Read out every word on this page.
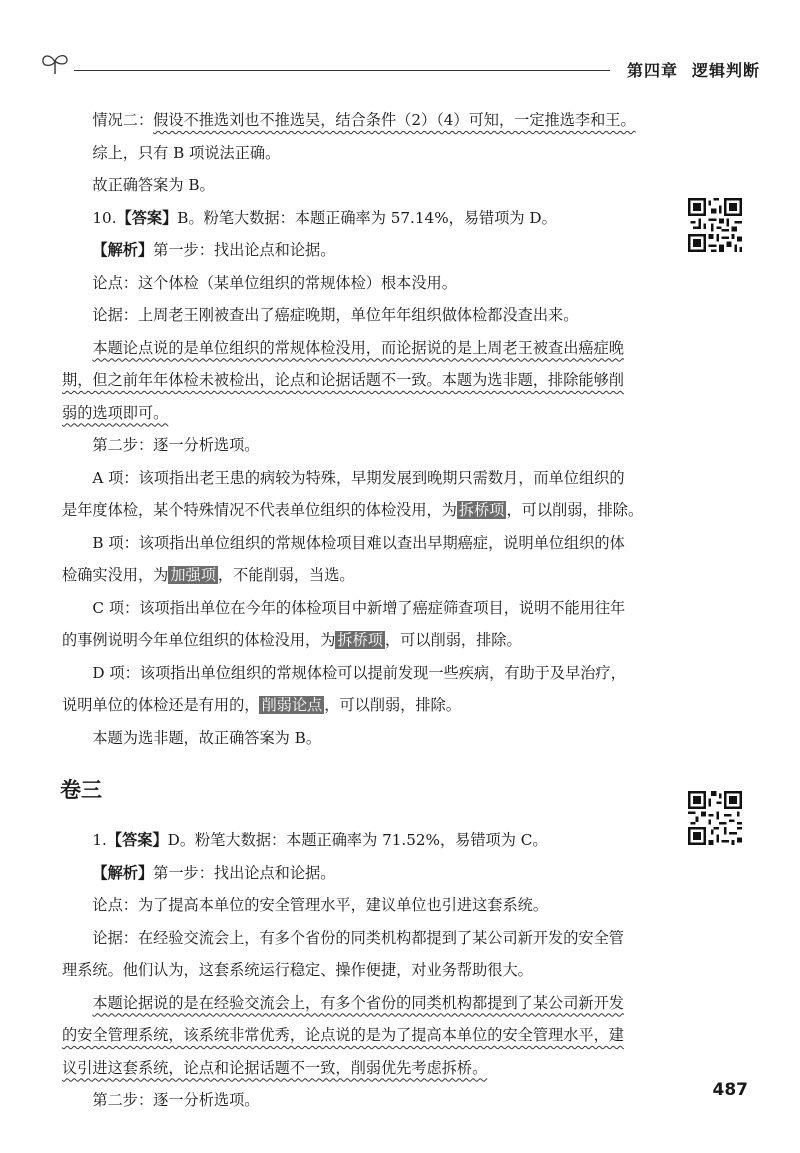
第四章 逻辑判断

情况二：假设不推选刘也不推选吴，结合条件（2）（4）可知，一定推选李和王。

综上，只有 B 项说法正确。

故正确答案为 B。

10.【答案】B。粉笔大数据：本题正确率为 57.14%，易错项为 D。

【解析】第一步：找出论点和论据。

论点：这个体检（某单位组织的常规体检）根本没用。

论据：上周老王刚被查出了癌症晚期，单位年年组织做体检都没查出来。

本题论点说的是单位组织的常规体检没用，而论据说的是上周老王被查出癌症晚

期，但之前年年体检未被检出，论点和论据话题不一致。本题为选非题，排除能够削

弱的选项即可。

第二步：逐一分析选项。

A 项：该项指出老王患的病较为特殊，早期发展到晚期只需数月，而单位组织的

是年度体检，某个特殊情况不代表单位组织的体检没用，为 拆桥项 ，可以削弱，排除。

B 项：该项指出单位组织的常规体检项目难以查出早期癌症，说明单位组织的体

检确实没用，为 加强项 ，不能削弱，当选。

C 项：该项指出单位在今年的体检项目中新增了癌症筛查项目，说明不能用往年

的事例说明今年单位组织的体检没用，为 拆桥项 ，可以削弱，排除。

D 项：该项指出单位组织的常规体检可以提前发现一些疾病，有助于及早治疗，

说明单位的体检还是有用的， 削弱论点 ，可以削弱，排除。

本题为选非题，故正确答案为 B。

卷三

1.【答案】D。粉笔大数据：本题正确率为 71.52%，易错项为 C。

【解析】第一步：找出论点和论据。

论点：为了提高本单位的安全管理水平，建议单位也引进这套系统。

论据：在经验交流会上，有多个省份的同类机构都提到了某公司新开发的安全管

理系统。他们认为，这套系统运行稳定、操作便捷，对业务帮助很大。

本题论据说的是在经验交流会上，有多个省份的同类机构都提到了某公司新开发

的安全管理系统，该系统非常优秀，论点说的是为了提高本单位的安全管理水平，建

议引进这套系统，论点和论据话题不一致，削弱优先考虑拆桥。

第二步：逐一分析选项。	487
